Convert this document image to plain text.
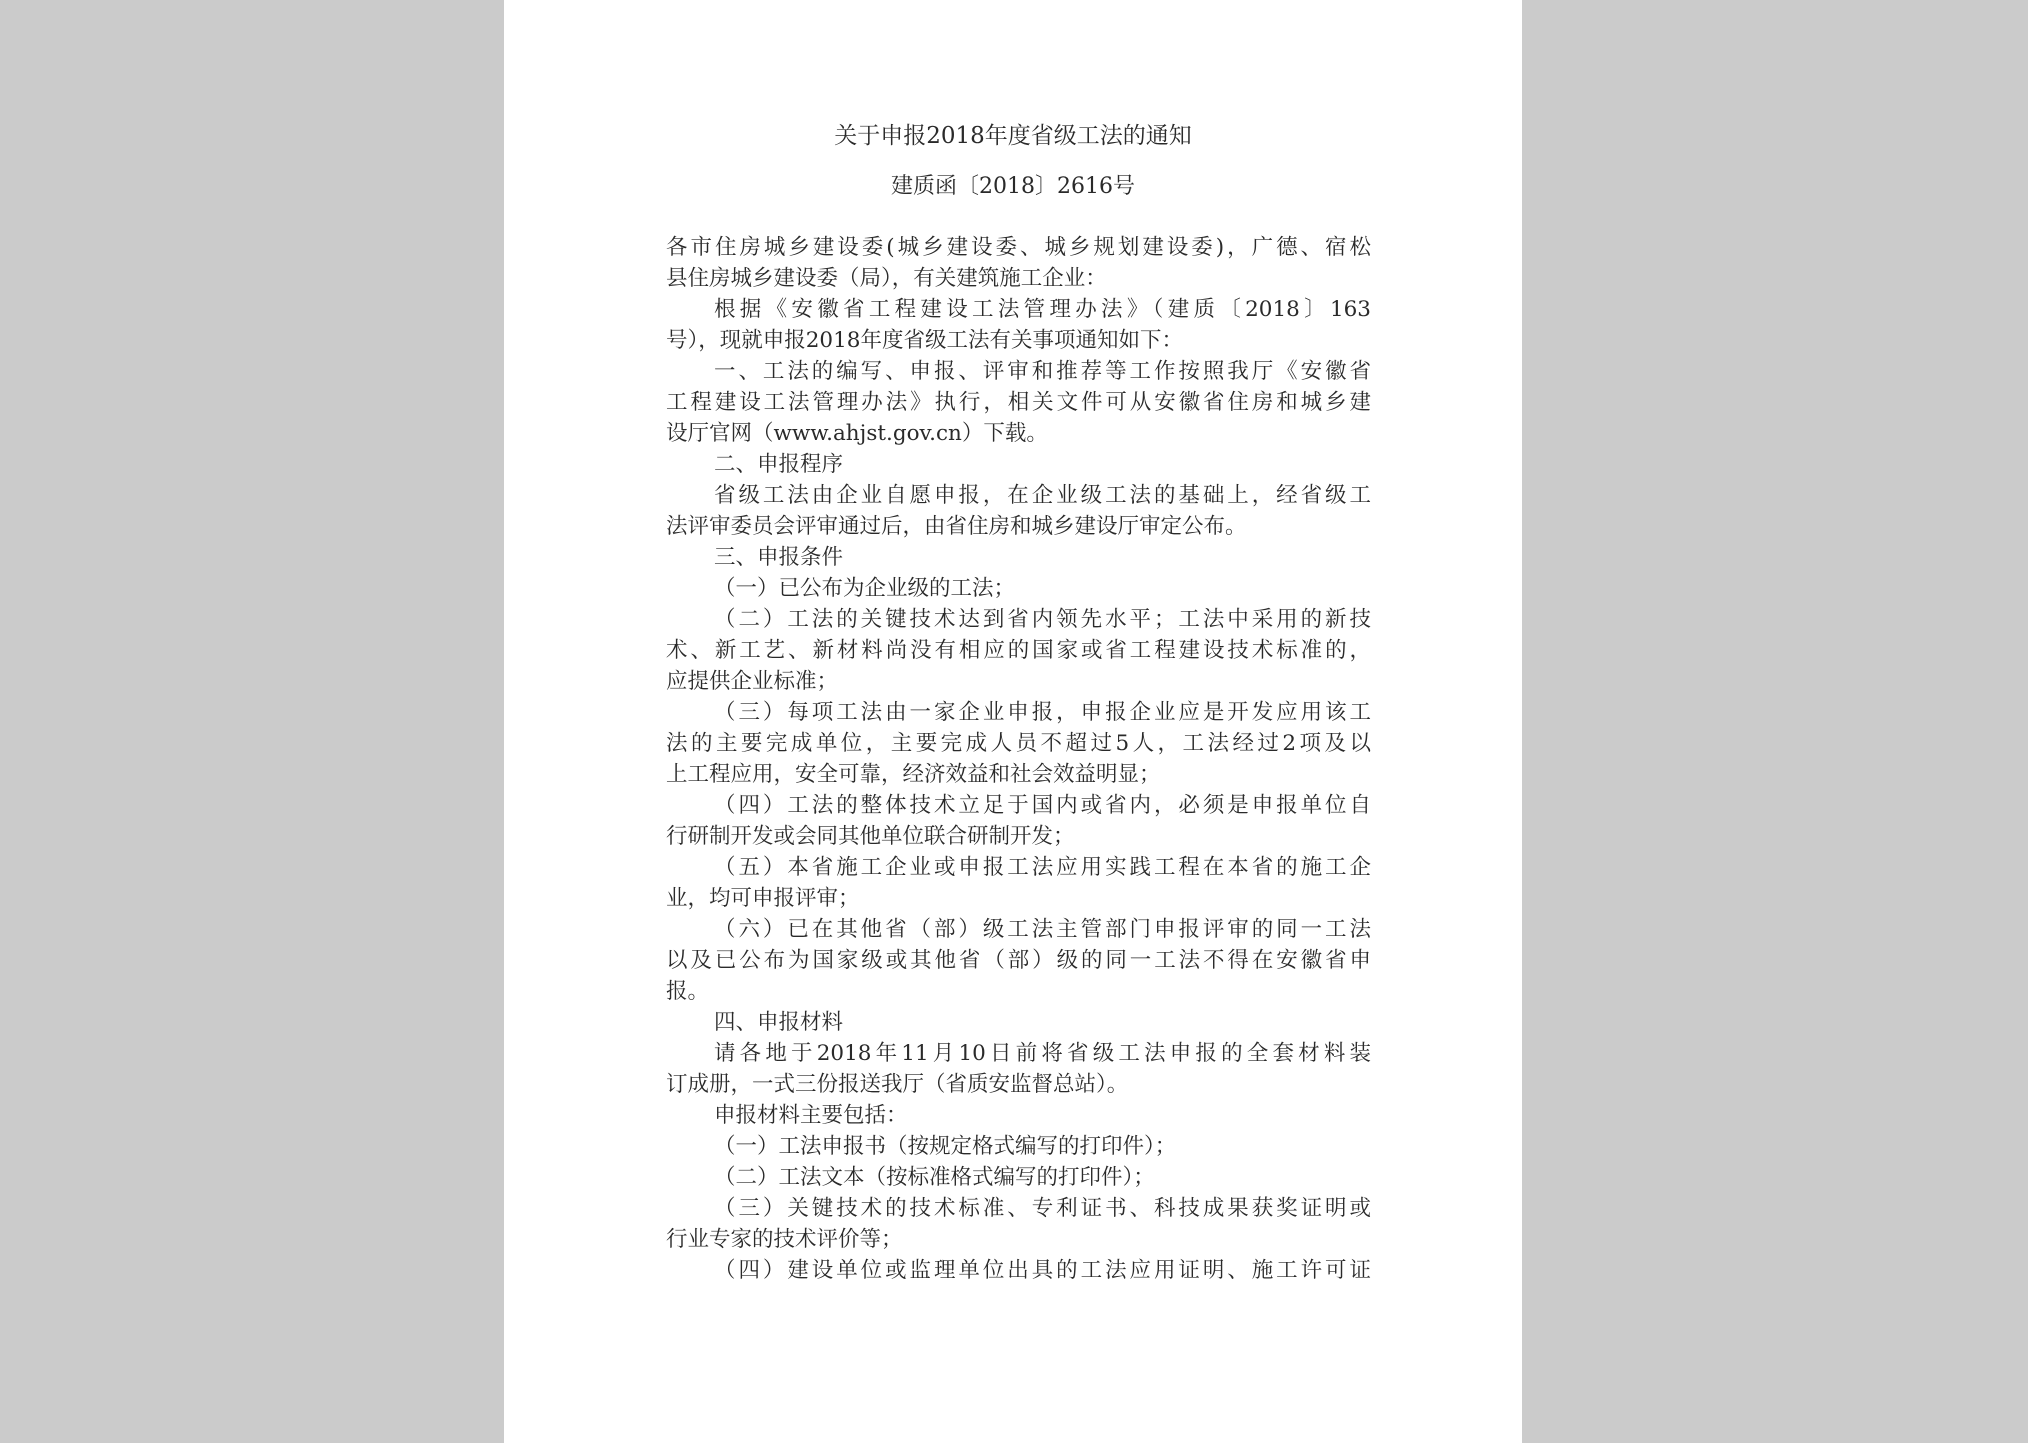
关于申报2018年度省级工法的通知
建质函〔2018〕2616号
各市住房城乡建设委(城乡建设委、城乡规划建设委)，广德、宿松
县住房城乡建设委（局），有关建筑施工企业：
根据《安徽省工程建设工法管理办法》（建质〔2018〕163
号），现就申报2018年度省级工法有关事项通知如下：
一、工法的编写、申报、评审和推荐等工作按照我厅《安徽省
工程建设工法管理办法》执行，相关文件可从安徽省住房和城乡建
设厅官网（www.ahjst.gov.cn）下载。
二、申报程序
省级工法由企业自愿申报，在企业级工法的基础上，经省级工
法评审委员会评审通过后，由省住房和城乡建设厅审定公布。
三、申报条件
（一）已公布为企业级的工法；
（二）工法的关键技术达到省内领先水平；工法中采用的新技
术、新工艺、新材料尚没有相应的国家或省工程建设技术标准的，
应提供企业标准；
（三）每项工法由一家企业申报，申报企业应是开发应用该工
法的主要完成单位，主要完成人员不超过5人，工法经过2项及以
上工程应用，安全可靠，经济效益和社会效益明显；
（四）工法的整体技术立足于国内或省内，必须是申报单位自
行研制开发或会同其他单位联合研制开发；
（五）本省施工企业或申报工法应用实践工程在本省的施工企
业，均可申报评审；
（六）已在其他省（部）级工法主管部门申报评审的同一工法
以及已公布为国家级或其他省（部）级的同一工法不得在安徽省申
报。
四、申报材料
请各地于2018年11月10日前将省级工法申报的全套材料装
订成册，一式三份报送我厅（省质安监督总站）。
申报材料主要包括：
（一）工法申报书（按规定格式编写的打印件）；
（二）工法文本（按标准格式编写的打印件）；
（三）关键技术的技术标准、专利证书、科技成果获奖证明或
行业专家的技术评价等；
（四）建设单位或监理单位出具的工法应用证明、施工许可证
